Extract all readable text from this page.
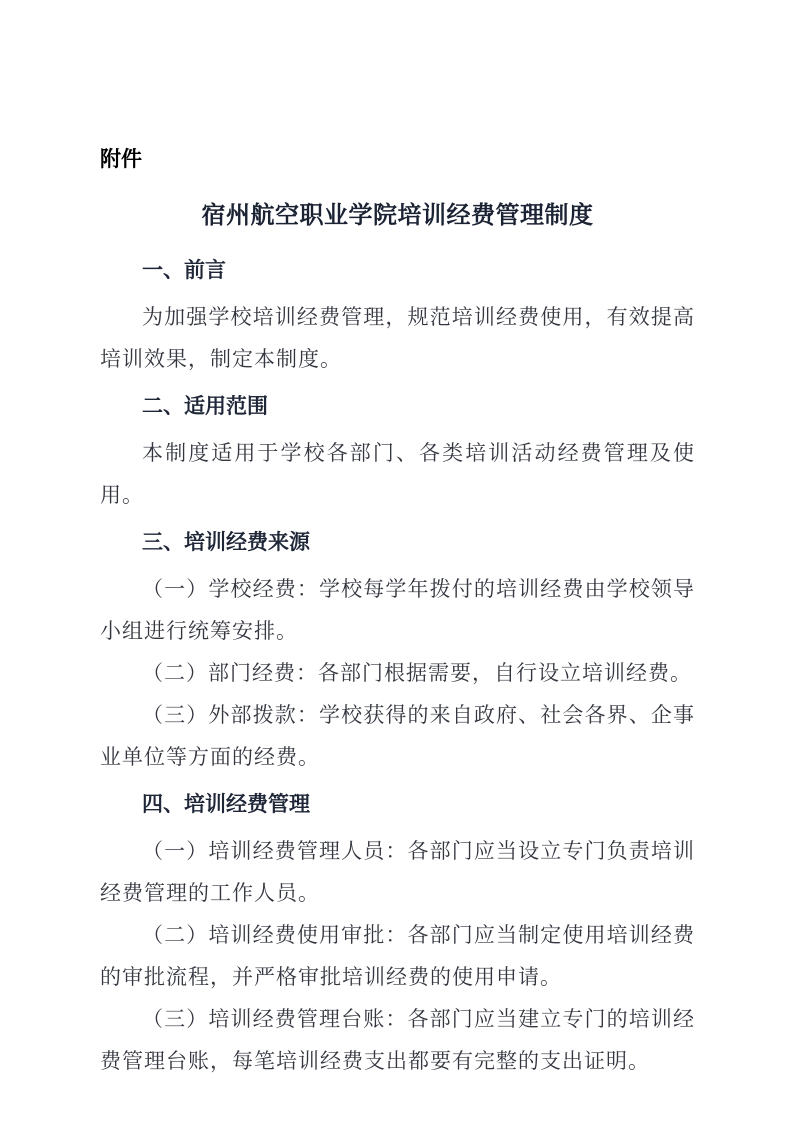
附件

宿州航空职业学院培训经费管理制度
一、前言

为加强学校培训经费管理，规范培训经费使用，有效提高培训效果，制定本制度。

二、适用范围

本制度适用于学校各部门、各类培训活动经费管理及使用。

三、培训经费来源

（一）学校经费：学校每学年拨付的培训经费由学校领导小组进行统筹安排。

（二）部门经费：各部门根据需要，自行设立培训经费。

（三）外部拨款：学校获得的来自政府、社会各界、企事业单位等方面的经费。

四、培训经费管理

（一）培训经费管理人员：各部门应当设立专门负责培训经费管理的工作人员。

（二）培训经费使用审批：各部门应当制定使用培训经费的审批流程，并严格审批培训经费的使用申请。

（三）培训经费管理台账：各部门应当建立专门的培训经费管理台账，每笔培训经费支出都要有完整的支出证明。
